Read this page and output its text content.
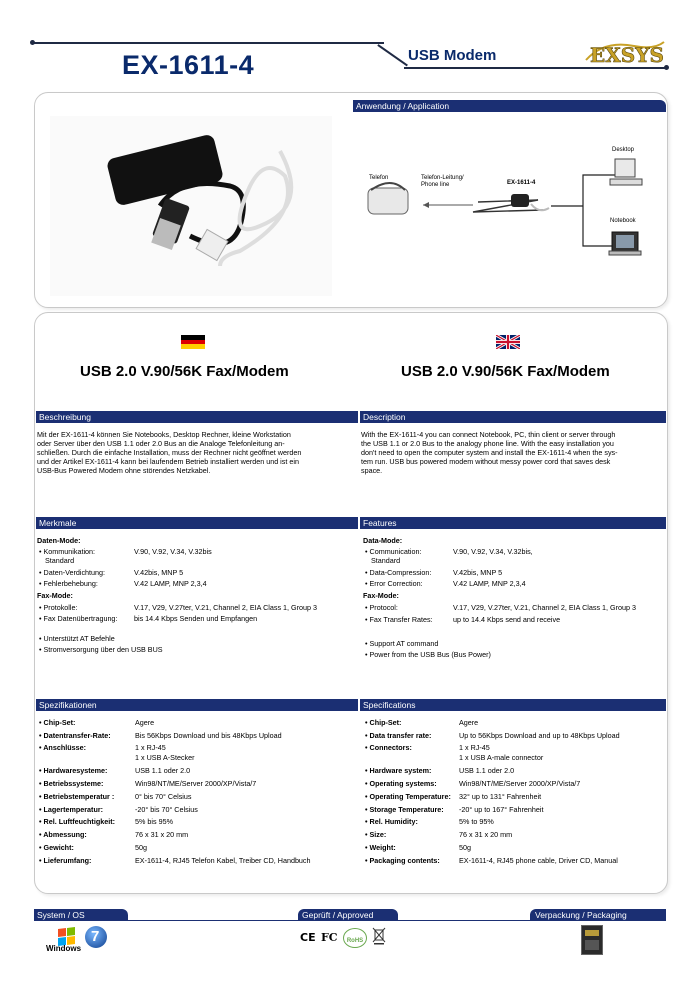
EX-1611-4	USB Modem	EXSYS
Anwendung / Application
Telefon	Telefon-Leitung/
Phone line	EX-1611-4
Desktop
Notebook
USB 2.0 V.90/56K Fax/Modem	USB 2.0 V.90/56K Fax/Modem
Beschreibung	Description
Mit der EX-1611-4 können Sie Notebooks, Desktop Rechner, kleine Workstation
oder Server über den USB 1.1 oder 2.0 Bus an die Analoge Telefonleitung an-
schließen. Durch die einfache Installation, muss der Rechner nicht geöffnet werden
und der Artikel EX-1611-4 kann bei laufendem Betrieb installiert werden und ist ein
USB-Bus Powered Modem ohne störendes Netzkabel.
With the EX-1611-4 you can connect Notebook, PC, thin client or server through
the USB 1.1 or 2.0 Bus to the analogy phone line. With the easy installation you
don't need to open the computer system and install the EX-1611-4 when the sys-
tem run. USB bus powered modem without messy power cord that saves desk
space.
Merkmale	Features
Daten-Mode:
• Kommunikation:	V.90, V.92, V.34, V.32bis
Standard
• Daten-Verdichtung:	V.42bis, MNP 5
• Fehlerbehebung:	V.42 LAMP, MNP 2,3,4
Fax-Mode:
• Protokolle:	V.17, V29, V.27ter, V.21, Channel 2, EIA Class 1, Group 3
• Fax Datenübertragung: bis 14.4 Kbps Senden und Empfangen
• Unterstützt AT Befehle
• Stromversorgung über den USB BUS
Data-Mode:
• Communication:	V.90, V.92, V.34, V.32bis,
Standard
• Data-Compression:	V.42bis, MNP 5
• Error Correction:	V.42 LAMP, MNP 2,3,4
Fax-Mode:
• Protocol:	V.17, V29, V.27ter, V.21, Channel 2, EIA Class 1, Group 3
• Fax Transfer Rates:	up to 14.4 Kbps send and receive
• Support AT command
• Power from the USB Bus (Bus Power)
Spezifikationen	Specifications
• Chip-Set:	Agere
• Datentransfer-Rate:	Bis 56Kbps Download und bis 48Kbps Upload
• Anschlüsse:	1 x RJ-45
1 x USB A-Stecker
• Hardwaresysteme:	USB 1.1 oder 2.0
• Betriebssysteme:	Win98/NT/ME/Server 2000/XP/Vista/7
• Betriebstemperatur :	0° bis 70° Celsius
• Lagertemperatur:	-20° bis 70° Celsius
• Rel. Luftfeuchtigkeit:	5% bis 95%
• Abmessung:	76 x 31 x 20 mm
• Gewicht:	50g
• Lieferumfang:	EX-1611-4, RJ45 Telefon Kabel, Treiber CD, Handbuch
• Chip-Set:	Agere
• Data transfer rate:	Up to 56Kbps Download and up to 48Kbps Upload
• Connectors:	1 x RJ-45
1 x USB A-male connector
• Hardware system:	USB 1.1 oder 2.0
• Operating systems:	Win98/NT/ME/Server 2000/XP/Vista/7
• Operating Temperature: 32° up to 131° Fahrenheit
• Storage Temperature: -20° up to 167° Fahrenheit
• Rel. Humidity:	5% to 95%
• Size:	76 x 31 x 20 mm
• Weight:	50g
• Packaging contents:	EX-1611-4, RJ45 phone cable, Driver CD, Manual
System / OS	Geprüft / Approved	Verpackung / Packaging
Windows
7	CE FC	RoHS
